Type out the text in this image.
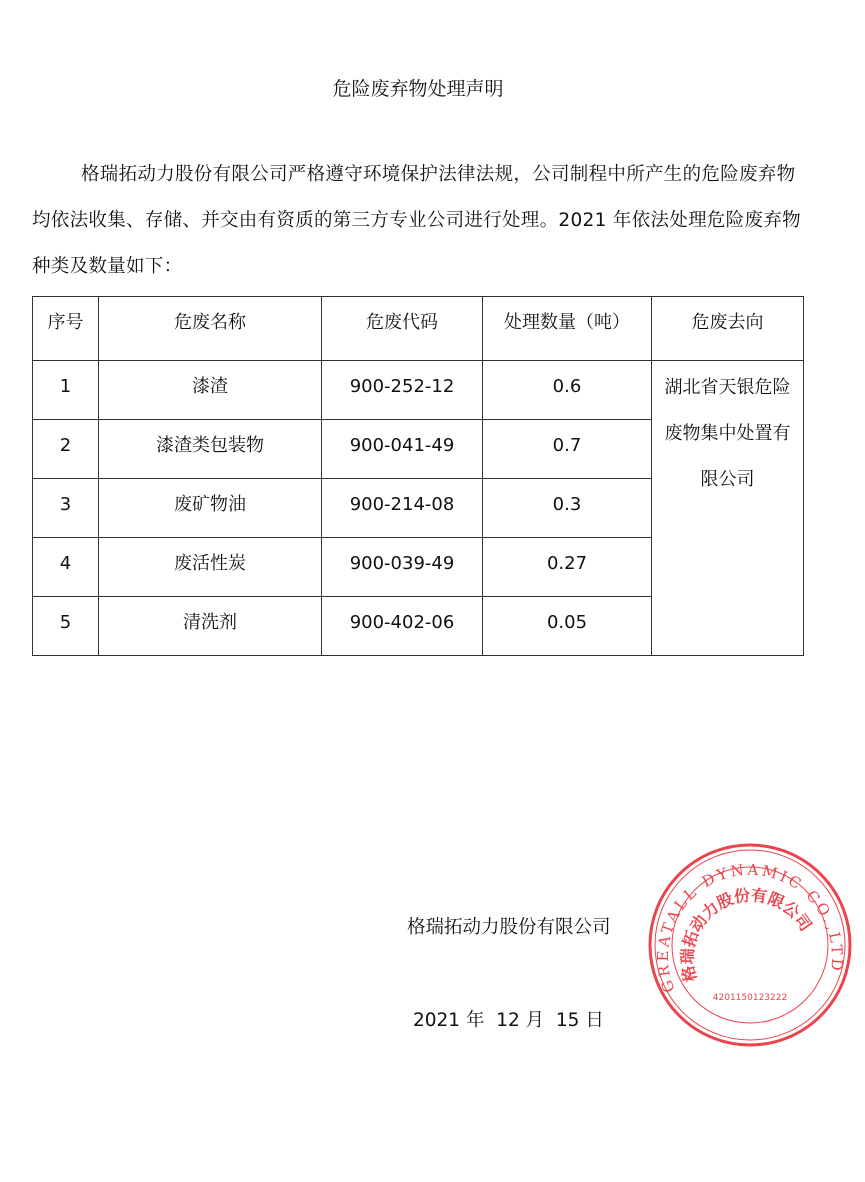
危险废弃物处理声明
格瑞拓动力股份有限公司严格遵守环境保护法律法规，公司制程中所产生的危险废弃物均依法收集、存储、并交由有资质的第三方专业公司进行处理。2021 年依法处理危险废弃物种类及数量如下：
序号	危废名称	危废代码	处理数量（吨）	危废去向
1	漆渣	900-252-12	0.6	湖北省天银危险废物集中处置有限公司
2	漆渣类包装物	900-041-49	0.7	
3	废矿物油	900-214-08	0.3	
4	废活性炭	900-039-49	0.27	
5	清洗剂	900-402-06	0.05	
GREATALL DYNAMIC CO.,LTD
格瑞拓动力股份有限公司
4201150123222
格瑞拓动力股份有限公司
2021 年  12 月  15 日
